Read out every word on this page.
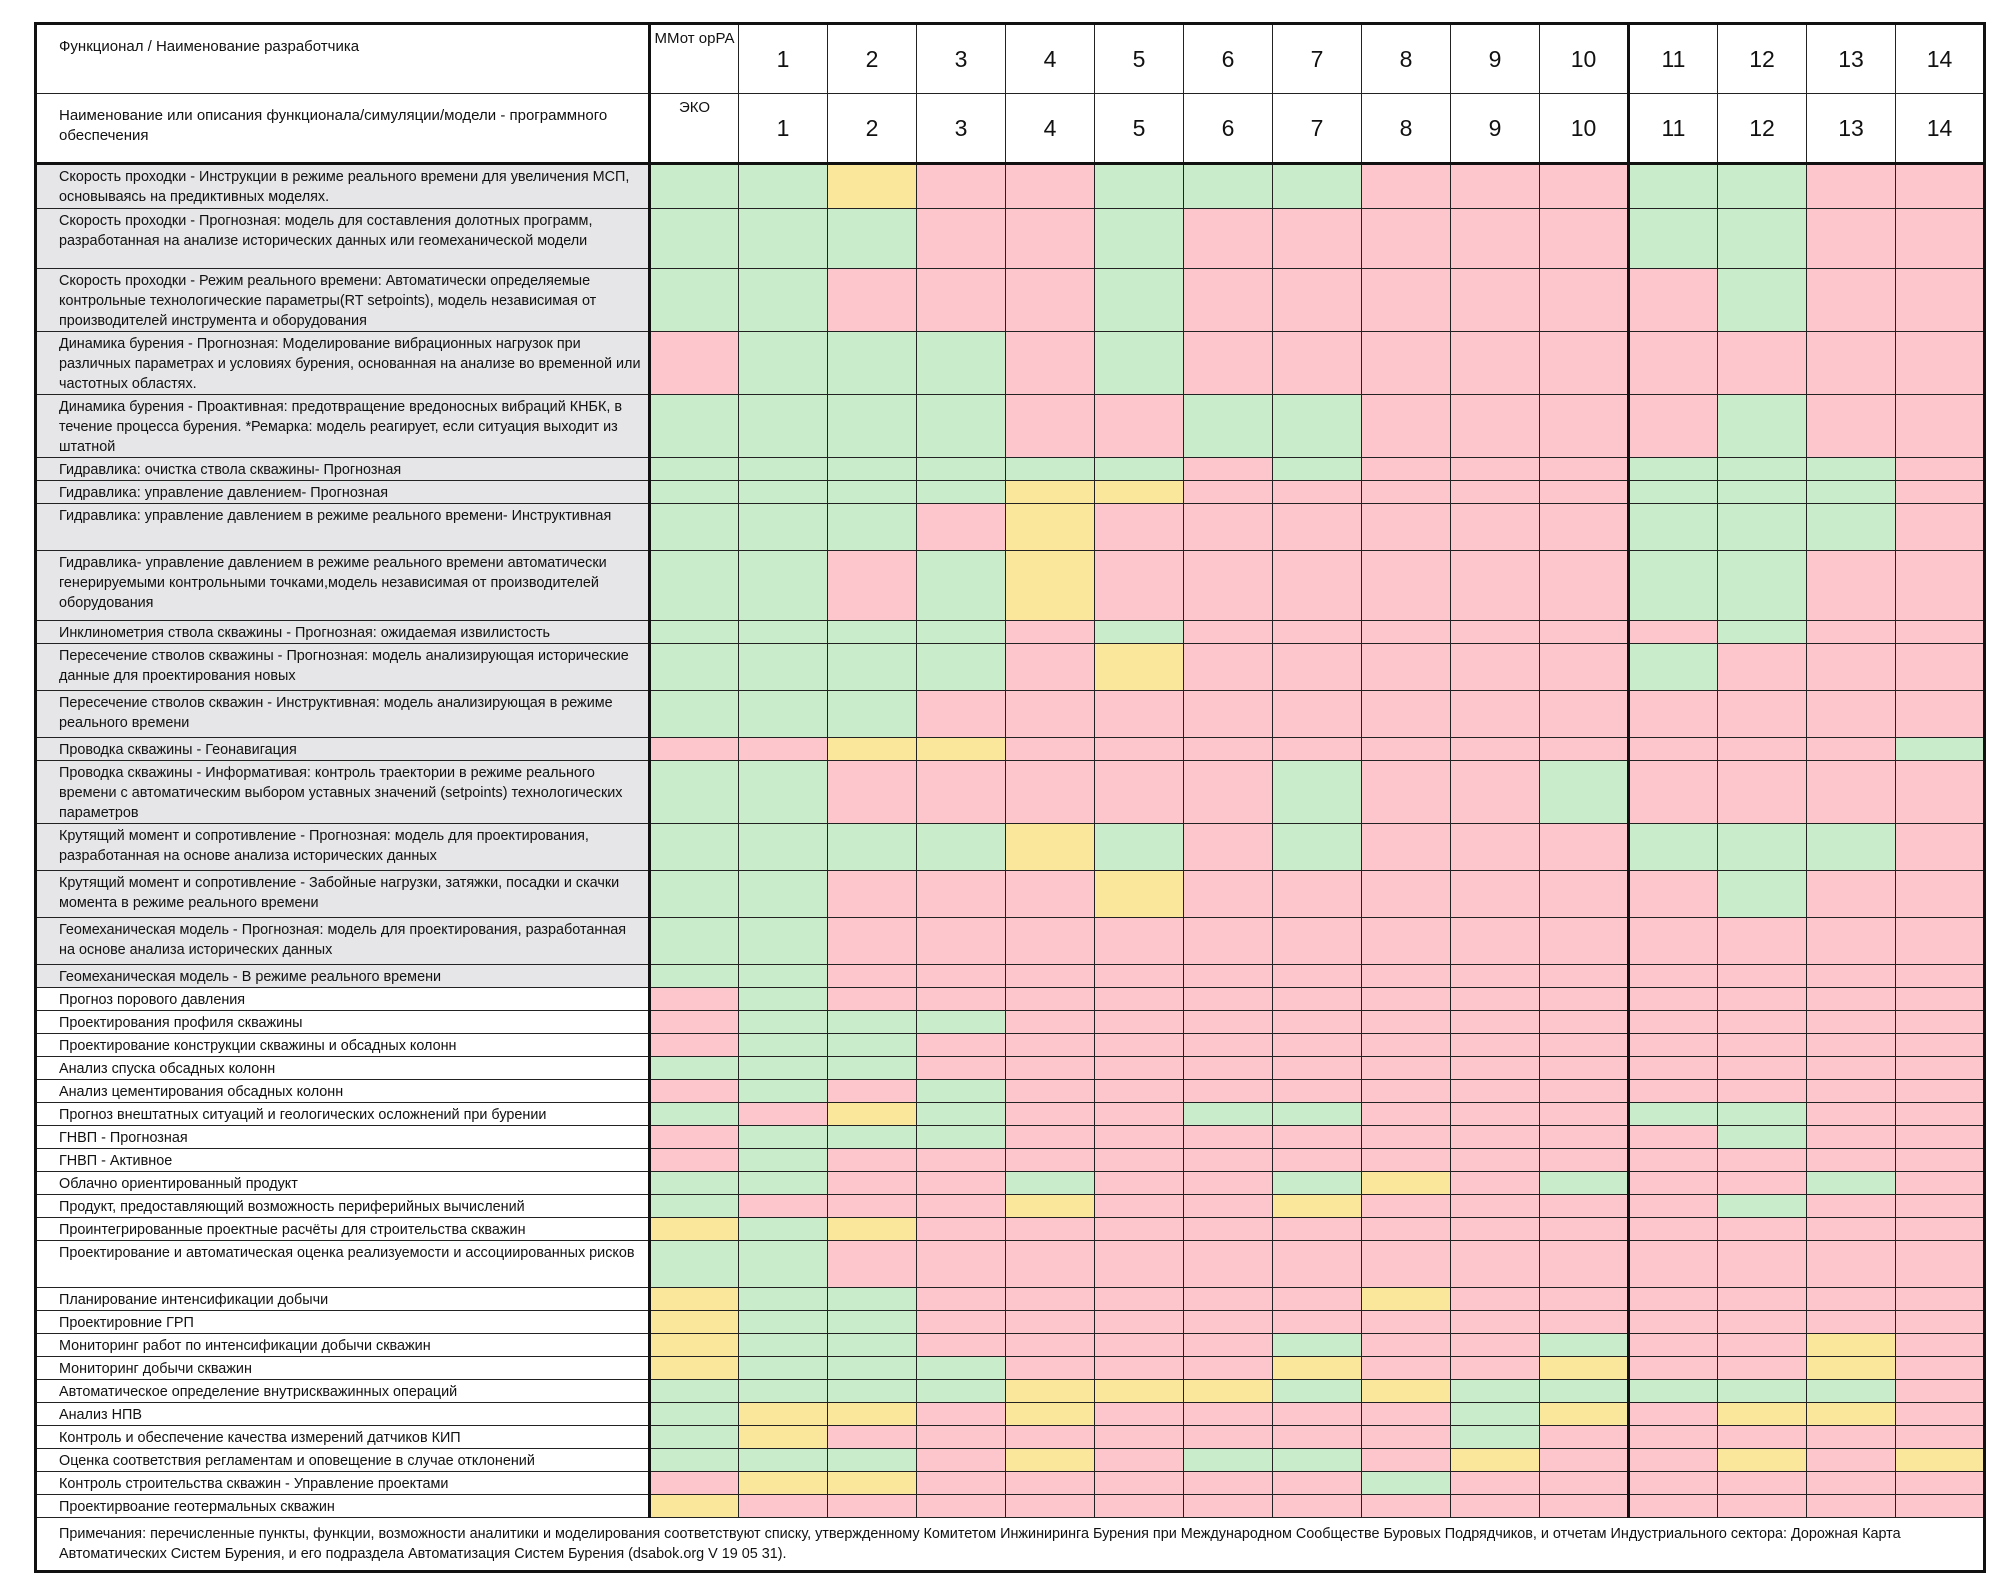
Функционал / Наименование разработчика	ММот орРА	1	2	3	4	5	6	7	8	9	10	11	12	13	14
Наименование или описания функционала/симуляции/модели - программного обеспечения	ЭКО	1	2	3	4	5	6	7	8	9	10	11	12	13	14
Скорость проходки - Инструкции в режиме реального времени для увеличения МСП, основываясь на предиктивных моделях.															
Скорость проходки - Прогнозная: модель для составления долотных программ, разработанная на анализе исторических данных или геомеханической модели															
Скорость проходки - Режим реального времени: Автоматически определяемые контрольные технологические параметры(RT setpoints), модель независимая от производителей инструмента и оборудования															
Динамика бурения - Прогнозная: Моделирование вибрационных нагрузок при различных параметрах и условиях бурения, основанная на анализе во временной или частотных областях.															
Динамика бурения - Проактивная: предотвращение вредоносных вибраций КНБК, в течение процесса бурения. *Ремарка: модель реагирует, если ситуация выходит из штатной															
Гидравлика: очистка ствола скважины- Прогнозная															
Гидравлика: управление давлением- Прогнозная															
Гидравлика: управление давлением в режиме реального времени- Инструктивная															
Гидравлика- управление давлением в режиме реального времени автоматически генерируемыми контрольными точками,модель независимая от производителей оборудования															
Инклинометрия ствола скважины - Прогнозная: ожидаемая извилистость															
Пересечение стволов скважины - Прогнозная: модель анализирующая исторические данные для проектирования новых															
Пересечение стволов скважин - Инструктивная: модель анализирующая в режиме реального времени															
Проводка скважины - Геонавигация															
Проводка скважины - Информативая: контроль траектории в режиме реального времени с автоматическим выбором уставных значений (setpoints) технологических параметров															
Крутящий момент и сопротивление - Прогнозная: модель для проектирования, разработанная на основе анализа исторических данных															
Крутящий момент и сопротивление - Забойные нагрузки, затяжки, посадки и скачки момента в режиме реального времени															
Геомеханическая модель - Прогнозная: модель для проектирования, разработанная на основе анализа исторических данных															
Геомеханическая модель - В режиме реального времени															
Прогноз порового давления															
Проектирования профиля скважины															
Проектирование конструкции скважины и обсадных колонн															
Анализ спуска обсадных колонн															
Анализ цементирования обсадных колонн															
Прогноз внештатных ситуаций и геологических осложнений при бурении															
ГНВП - Прогнозная															
ГНВП - Активное															
Облачно ориентированный продукт															
Продукт, предоставляющий возможность периферийных вычислений															
Проинтегрированные проектные расчёты для строительства скважин															
Проектирование и автоматическая оценка реализуемости и ассоциированных рисков															
Планирование интенсификации добычи															
Проектировние ГРП															
Мониторинг работ по интенсификации добычи скважин															
Мониторинг добычи скважин															
Автоматическое определение внутрискважинных операций															
Анализ НПВ															
Контроль и обеспечение качества измерений датчиков КИП															
Оценка соответствия регламентам и оповещение в случае отклонений															
Контроль строительства скважин - Управление проектами															
Проектирвоание геотермальных скважин															
Примечания: перечисленные пункты, функции, возможности аналитики и моделирования соответствуют списку, утвержденному Комитетом Инжиниринга Бурения при Международном Сообществе Буровых Подрядчиков, и отчетам Индустриального сектора: Дорожная Карта Автоматических Систем Бурения, и его подраздела Автоматизация Систем Бурения (dsabok.org V 19 05 31).															
